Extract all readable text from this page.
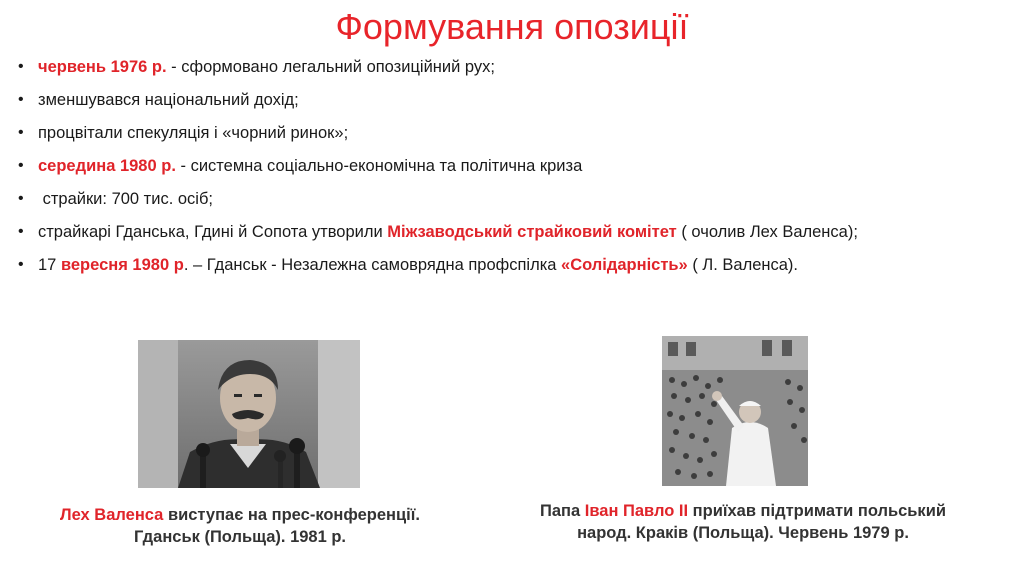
Формування опозиції
• червень 1976 р. - сформовано легальний опозиційний рух;
• зменшувався національний дохід;
• процвітали спекуляція і «чорний ринок»;
• середина 1980 р. - системна соціально-економічна та політична криза
• страйки: 700 тис. осіб;
• страйкарі Гданська, Гдині й Сопота утворили Міжзаводський страйковий комітет ( очолив Лех Валенса);
• 17 вересня 1980 р. – Гданськ - Незалежна самоврядна профспілка «Солідарність» ( Л. Валенса).
Лех Валенса виступає на прес-конференції.
Гданськ (Польща). 1981 р.
Папа Іван Павло ІІ приїхав підтримати польський
народ. Краків (Польща). Червень 1979 р.
